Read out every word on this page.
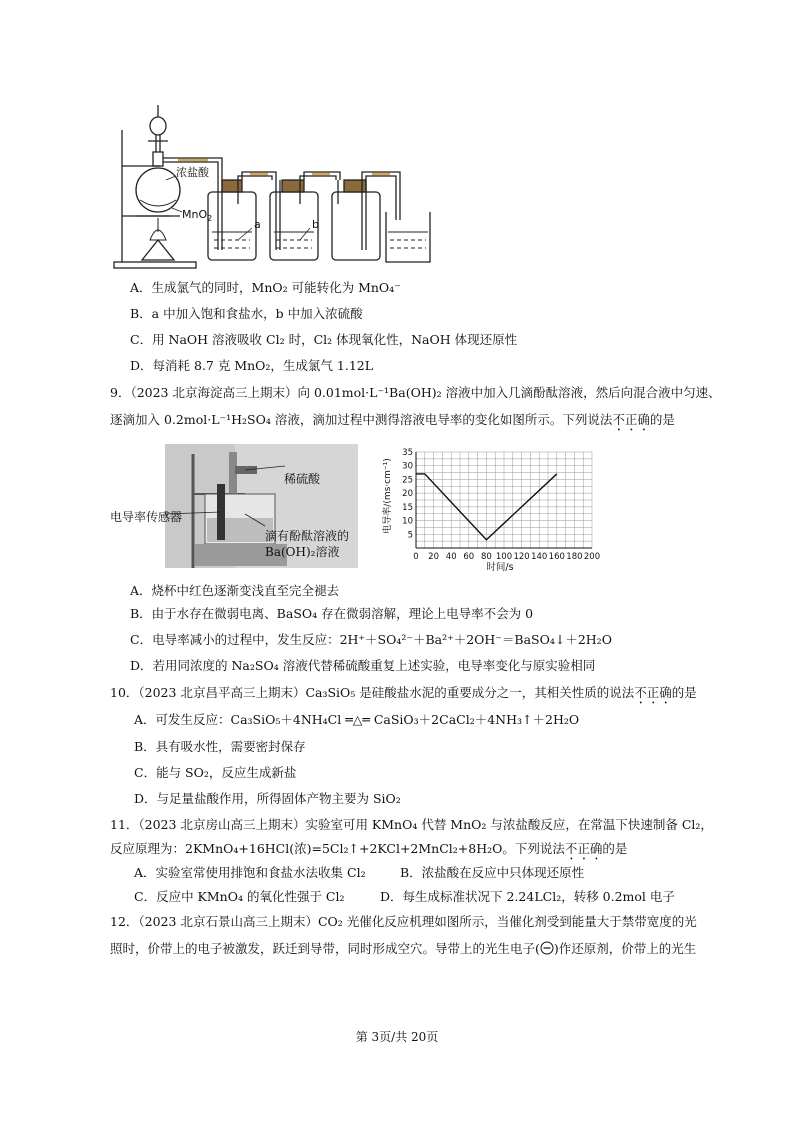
浓盐酸
MnO$_2$	a	b
A．生成氯气的同时，MnO₂ 可能转化为 MnO₄⁻
B．a 中加入饱和食盐水，b 中加入浓硫酸
C．用 NaOH 溶液吸收 Cl₂ 时，Cl₂ 体现氧化性，NaOH 体现还原性
D．每消耗 8.7 克 MnO₂，生成氯气 1.12L
9．（2023 北京海淀高三上期末）向 0.01mol·L⁻¹Ba(OH)₂ 溶液中加入几滴酚酞溶液，然后向混合液中匀速、
逐滴加入 0.2mol·L⁻¹H₂SO₄ 溶液，滴加过程中测得溶液电导率的变化如图所示。下列说法不正确的是
稀硫酸
电导率传感器
滴有酚酞溶液的
Ba(OH)₂溶液	0 20 40 60 80 100 120 140 160 180 200
5
10
15
20
25
30
35
时间/s
电导率/(ms·cm⁻¹)
A．烧杯中红色逐渐变浅直至完全褪去
B．由于水存在微弱电离、BaSO₄ 存在微弱溶解，理论上电导率不会为 0
C．电导率减小的过程中，发生反应：2H⁺＋SO₄²⁻＋Ba²⁺＋2OH⁻＝BaSO₄↓＋2H₂O
D．若用同浓度的 Na₂SO₄ 溶液代替稀硫酸重复上述实验，电导率变化与原实验相同
10．（2023 北京昌平高三上期末）Ca₃SiO₅ 是硅酸盐水泥的重要成分之一，其相关性质的说法不正确的是
A．可发生反应：Ca₃SiO₅＋4NH₄Cl ═△═ CaSiO₃＋2CaCl₂＋4NH₃↑＋2H₂O
B．具有吸水性，需要密封保存
C．能与 SO₂，反应生成新盐
D．与足量盐酸作用，所得固体产物主要为 SiO₂
11．（2023 北京房山高三上期末）实验室可用 KMnO₄ 代替 MnO₂ 与浓盐酸反应，在常温下快速制备 Cl₂，
反应原理为：2KMnO₄+16HCl(浓)=5Cl₂↑+2KCl+2MnCl₂+8H₂O。下列说法不正确的是
A．实验室常使用排饱和食盐水法收集 Cl₂	B．浓盐酸在反应中只体现还原性
C．反应中 KMnO₄ 的氧化性强于 Cl₂	D．每生成标准状况下 2.24LCl₂，转移 0.2mol 电子
12．（2023 北京石景山高三上期末）CO₂ 光催化反应机理如图所示，当催化剂受到能量大于禁带宽度的光
照时，价带上的电子被激发，跃迁到导带，同时形成空穴。导带上的光生电子( )作还原剂，价带上的光生
第 3页/共 20页
